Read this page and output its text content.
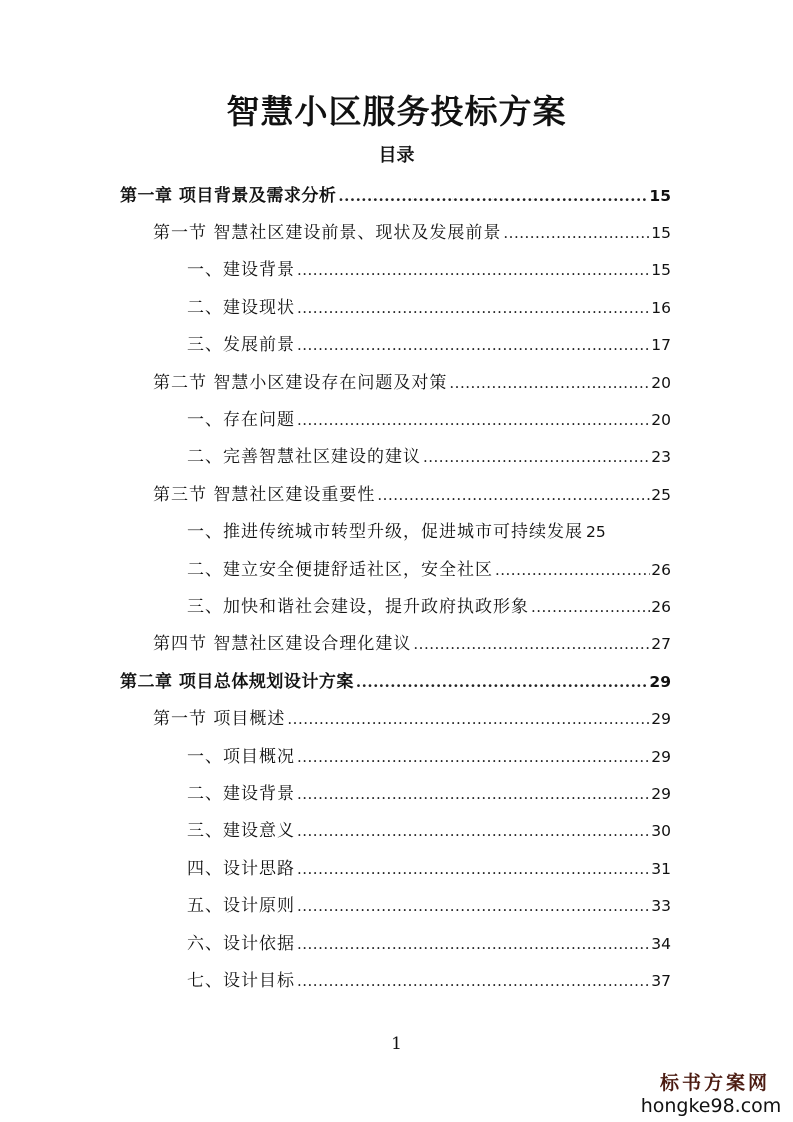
智慧小区服务投标方案
目录
第一章 项目背景及需求分析 .....	15
第一节 智慧社区建设前景、现状及发展前景 .....	15
一、建设背景 .....	15
二、建设现状 .....	16
三、发展前景 .....	17
第二节 智慧小区建设存在问题及对策 .....	20
一、存在问题 .....	20
二、完善智慧社区建设的建议 .....	23
第三节 智慧社区建设重要性 .....	25
一、推进传统城市转型升级，促进城市可持续发展 25
二、建立安全便捷舒适社区，安全社区 .....	26
三、加快和谐社会建设，提升政府执政形象 .....	26
第四节 智慧社区建设合理化建议 .....	27
第二章 项目总体规划设计方案 .....	29
第一节 项目概述 .....	29
一、项目概况 .....	29
二、建设背景 .....	29
三、建设意义 .....	30
四、设计思路 .....	31
五、设计原则 .....	33
六、设计依据 .....	34
七、设计目标 .....	37
1
标书方案网
hongke98.com
